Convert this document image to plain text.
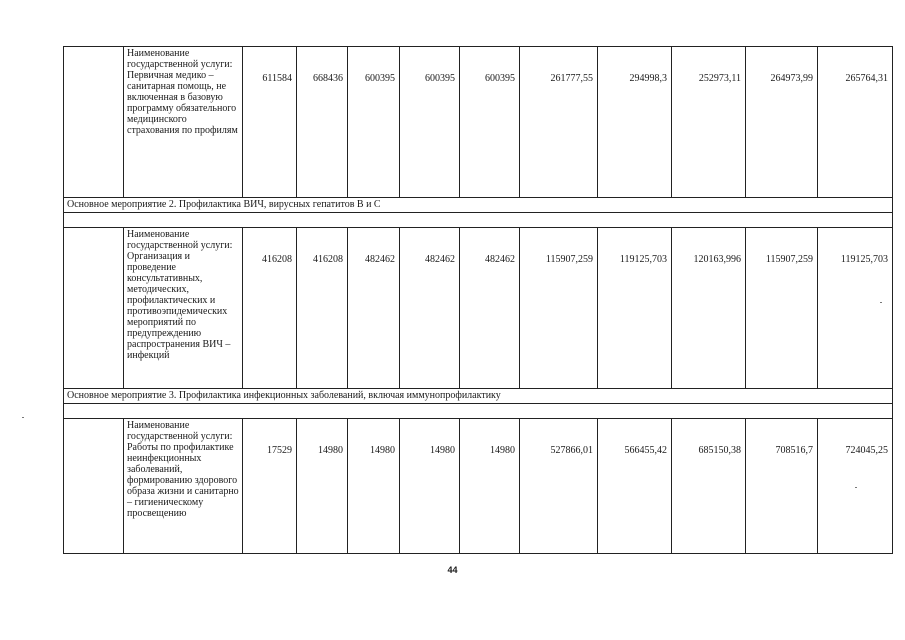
	Наименование государственной услуги: Первичная медико – санитарная помощь, не включенная в базовую программу обязательного медицинского страхования по профилям	611584	668436	600395	600395	600395	261777,55	294998,3	252973,11	264973,99	265764,31
Основное мероприятие 2. Профилактика ВИЧ, вирусных гепатитов В и С											

	Наименование государственной услуги: Организация и проведение консультативных, методических, профилактических и противоэпидемических мероприятий по предупреждению распространения ВИЧ – инфекций	416208	416208	482462	482462	482462	115907,259	119125,703	120163,996	115907,259	119125,703
Основное мероприятие 3. Профилактика инфекционных заболеваний, включая иммунопрофилактику											

	Наименование государственной услуги: Работы по профилактике неинфекционных заболеваний, формированию здорового образа жизни и санитарно – гигиеническому просвещению	17529	14980	14980	14980	14980	527866,01	566455,42	685150,38	708516,7	724045,25
44
